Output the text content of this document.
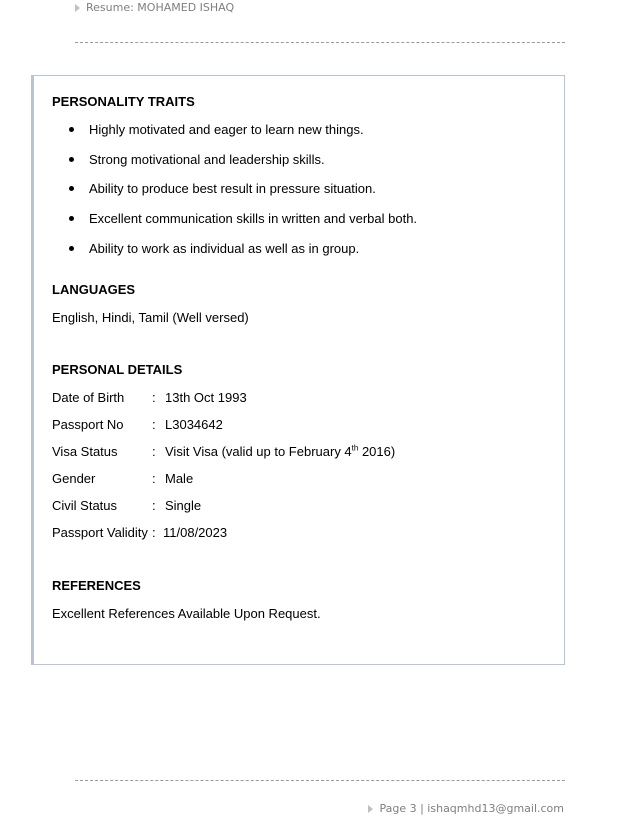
Resume: MOHAMED ISHAQ
PERSONALITY TRAITS
Highly motivated and eager to learn new things.
Strong motivational and leadership skills.
Ability to produce best result in pressure situation.
Excellent communication skills in written and verbal both.
Ability to work as individual as well as in group.
LANGUAGES
English, Hindi, Tamil (Well versed)
PERSONAL DETAILS
Date of Birth : 13th Oct 1993
Passport No : L3034642
Visa Status	: Visit Visa (valid up to February 4th 2016)
Gender	: Male
Civil Status	: Single
Passport Validity : 11/08/2023
REFERENCES
Excellent References Available Upon Request.
Page 3 | ishaqmhd13@gmail.com
